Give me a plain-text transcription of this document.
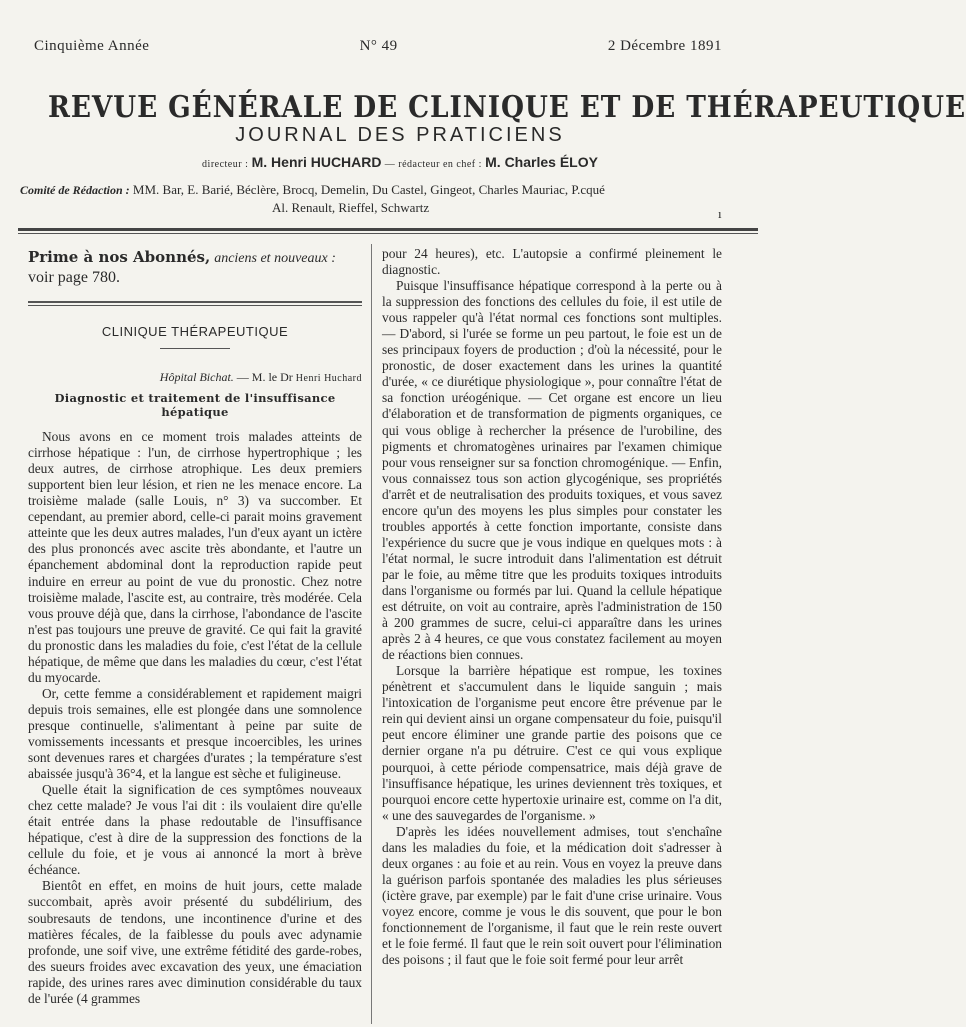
Cinquième Année	N° 49	2 Décembre 1891
REVUE GÉNÉRALE DE CLINIQUE ET DE THÉRAPEUTIQUE
JOURNAL DES PRATICIENS
directeur : M. Henri HUCHARD — rédacteur en chef : M. Charles ÉLOY
Comité de Rédaction : MM. Bar, E. Barié, Béclère, Brocq, Demelin, Du Castel, Gingeot, Charles Mauriac, P.cqué
Al. Renault, Rieffel, Schwartz	ı
Prime à nos Abonnés, anciens et nouveaux :
voir page 780.
CLINIQUE THÉRAPEUTIQUE
Hôpital Bichat. — M. le Dr Henri Huchard
Diagnostic et traitement de l'insuffisance hépatique

Nous avons en ce moment trois malades atteints de cirrhose hépatique : l'un, de cirrhose hypertrophique ; les deux autres, de cirrhose atrophique. Les deux premiers supportent bien leur lésion, et rien ne les menace encore. La troisième malade (salle Louis, n° 3) va succomber. Et cependant, au premier abord, celle-ci parait moins gravement atteinte que les deux autres malades, l'un d'eux ayant un ictère des plus prononcés avec ascite très abondante, et l'autre un épanchement abdominal dont la reproduction rapide peut induire en erreur au point de vue du pronostic. Chez notre troisième malade, l'ascite est, au contraire, très modérée. Cela vous prouve déjà que, dans la cirrhose, l'abondance de l'ascite n'est pas toujours une preuve de gravité. Ce qui fait la gravité du pronostic dans les maladies du foie, c'est l'état de la cellule hépatique, de même que dans les maladies du cœur, c'est l'état du myocarde.

Or, cette femme a considérablement et rapidement maigri depuis trois semaines, elle est plongée dans une somnolence presque continuelle, s'alimentant à peine par suite de vomissements incessants et presque incoercibles, les urines sont devenues rares et chargées d'urates ; la température s'est abaissée jusqu'à 36°4, et la langue est sèche et fuligineuse.

Quelle était la signification de ces symptômes nouveaux chez cette malade? Je vous l'ai dit : ils voulaient dire qu'elle était entrée dans la phase redoutable de l'insuffisance hépatique, c'est à dire de la suppression des fonctions de la cellule du foie, et je vous ai annoncé la mort à brève échéance.

Bientôt en effet, en moins de huit jours, cette malade succombait, après avoir présenté du subdélirium, des soubresauts de tendons, une incontinence d'urine et des matières fécales, de la faiblesse du pouls avec adynamie profonde, une soif vive, une extrême fétidité des garde-robes, des sueurs froides avec excavation des yeux, une émaciation rapide, des urines rares avec diminution considérable du taux de l'urée (4 grammes

pour 24 heures), etc. L'autopsie a confirmé pleinement le diagnostic.

Puisque l'insuffisance hépatique correspond à la perte ou à la suppression des fonctions des cellules du foie, il est utile de vous rappeler qu'à l'état normal ces fonctions sont multiples. — D'abord, si l'urée se forme un peu partout, le foie est un de ses principaux foyers de production ; d'où la nécessité, pour le pronostic, de doser exactement dans les urines la quantité d'urée, « ce diurétique physiologique », pour connaître l'état de sa fonction uréogénique. — Cet organe est encore un lieu d'élaboration et de transformation de pigments organiques, ce qui vous oblige à rechercher la présence de l'urobiline, des pigments et chromatogènes urinaires par l'examen chimique pour vous renseigner sur sa fonction chromogénique. — Enfin, vous connaissez tous son action glycogénique, ses propriétés d'arrêt et de neutralisation des produits toxiques, et vous savez encore qu'un des moyens les plus simples pour constater les troubles apportés à cette fonction importante, consiste dans l'expérience du sucre que je vous indique en quelques mots : à l'état normal, le sucre introduit dans l'alimentation est détruit par le foie, au même titre que les produits toxiques introduits dans l'organisme ou formés par lui. Quand la cellule hépatique est détruite, on voit au contraire, après l'administration de 150 à 200 grammes de sucre, celui-ci apparaître dans les urines après 2 à 4 heures, ce que vous constatez facilement au moyen de réactions bien connues.

Lorsque la barrière hépatique est rompue, les toxines pénètrent et s'accumulent dans le liquide sanguin ; mais l'intoxication de l'organisme peut encore être prévenue par le rein qui devient ainsi un organe compensateur du foie, puisqu'il peut encore éliminer une grande partie des poisons que ce dernier organe n'a pu détruire. C'est ce qui vous explique pourquoi, à cette période compensatrice, mais déjà grave de l'insuffisance hépatique, les urines deviennent très toxiques, et pourquoi encore cette hypertoxie urinaire est, comme on l'a dit, « une des sauvegardes de l'organisme. »

D'après les idées nouvellement admises, tout s'enchaîne dans les maladies du foie, et la médication doit s'adresser à deux organes : au foie et au rein. Vous en voyez la preuve dans la guérison parfois spontanée des maladies les plus sérieuses (ictère grave, par exemple) par le fait d'une crise urinaire. Vous voyez encore, comme je vous le dis souvent, que pour le bon fonctionnement de l'organisme, il faut que le rein reste ouvert et le foie fermé. Il faut que le rein soit ouvert pour l'élimination des poisons ; il faut que le foie soit fermé pour leur arrêt
